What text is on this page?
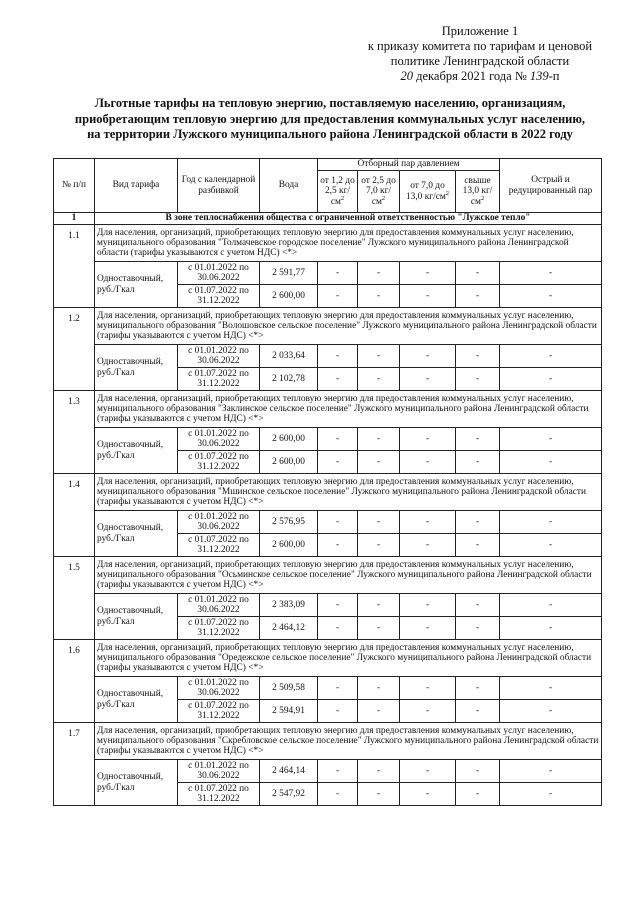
Приложение 1
к приказу комитета по тарифам и ценовой
политике Ленинградской области
20 декабря 2021 года № 139-п
Льготные тарифы на тепловую энергию, поставляемую населению, организациям, приобретающим тепловую энергию для предоставления коммунальных услуг населению, на территории Лужского муниципального района Ленинградской области в 2022 году
№ п/п	Вид тарифа	Год с календарной разбивкой	Вода	Отборный пар давлением				Острый и редуцированный пар
				от 1,2 до 2,5 $кг/см^2$	от 2,5 до 7,0 $кг/см^2$	от 7,0 до 13,0 $кг/см^2$	свыше 13,0 $кг/см^2$
1	В зоне теплоснабжения общества с ограниченной ответственностью "Лужское тепло"							
1.1	Для населения, организаций, приобретающих тепловую энергию для предоставления коммунальных услуг населению, муниципального образования "Толмачевское городское поселение" Лужского муниципального района Ленинградской области (тарифы указываются с учетом НДС) <*>							
	Одноставочный, руб./Гкал	с 01.01.2022 по 30.06.2022	2 591,77	-	-	-	-	-
		с 01.07.2022 по 31.12.2022	2 600,00	-	-	-	-	-
1.2	Для населения, организаций, приобретающих тепловую энергию для предоставления коммунальных услуг населению, муниципального образования "Волошовское сельское поселение" Лужского муниципального района Ленинградской области (тарифы указываются с учетом НДС) <*>							
	Одноставочный, руб./Гкал	с 01.01.2022 по 30.06.2022	2 033,64	-	-	-	-	-
		с 01.07.2022 по 31.12.2022	2 102,78	-	-	-	-	-
1.3	Для населения, организаций, приобретающих тепловую энергию для предоставления коммунальных услуг населению, муниципального образования "Заклинское сельское поселение" Лужского муниципального района Ленинградской области (тарифы указываются с учетом НДС) <*>							
	Одноставочный, руб./Гкал	с 01.01.2022 по 30.06.2022	2 600,00	-	-	-	-	-
		с 01.07.2022 по 31.12.2022	2 600,00	-	-	-	-	-
1.4	Для населения, организаций, приобретающих тепловую энергию для предоставления коммунальных услуг населению, муниципального образования "Мшинское сельское поселение" Лужского муниципального района Ленинградской области (тарифы указываются с учетом НДС) <*>							
	Одноставочный, руб./Гкал	с 01.01.2022 по 30.06.2022	2 576,95	-	-	-	-	-
		с 01.07.2022 по 31.12.2022	2 600,00	-	-	-	-	-
1.5	Для населения, организаций, приобретающих тепловую энергию для предоставления коммунальных услуг населению, муниципального образования "Осьминское сельское поселение" Лужского муниципального района Ленинградской области (тарифы указываются с учетом НДС) <*>							
	Одноставочный, руб./Гкал	с 01.01.2022 по 30.06.2022	2 383,09	-	-	-	-	-
		с 01.07.2022 по 31.12.2022	2 464,12	-	-	-	-	-
1.6	Для населения, организаций, приобретающих тепловую энергию для предоставления коммунальных услуг населению, муниципального образования "Оредежское сельское поселение" Лужского муниципального района Ленинградской области (тарифы указываются с учетом НДС) <*>							
	Одноставочный, руб./Гкал	с 01.01.2022 по 30.06.2022	2 509,58	-	-	-	-	-
		с 01.07.2022 по 31.12.2022	2 594,91	-	-	-	-	-
1.7	Для населения, организаций, приобретающих тепловую энергию для предоставления коммунальных услуг населению, муниципального образования "Скребловское сельское поселение" Лужского муниципального района Ленинградской области (тарифы указываются с учетом НДС) <*>							
	Одноставочный, руб./Гкал	с 01.01.2022 по 30.06.2022	2 464,14	-	-	-	-	-
		с 01.07.2022 по 31.12.2022	2 547,92	-	-	-	-	-
